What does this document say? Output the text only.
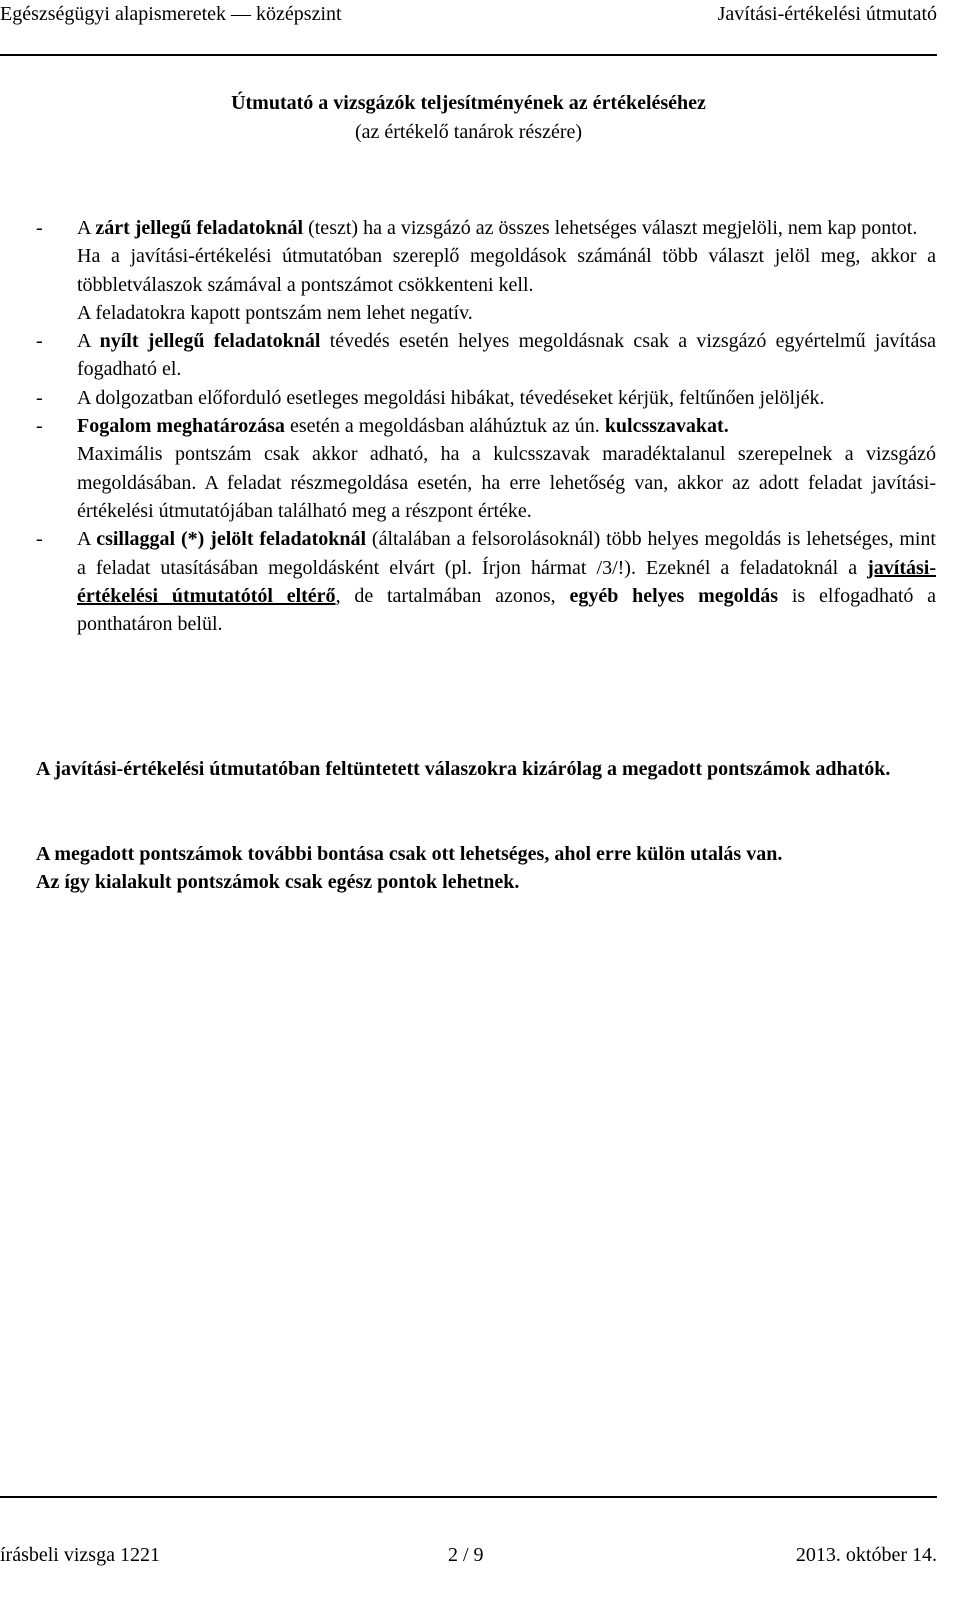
Egészségügyi alapismeretek — középszint	Javítási-értékelési útmutató
Útmutató a vizsgázók teljesítményének az értékeléséhez
(az értékelő tanárok részére)
- A zárt jellegű feladatoknál (teszt) ha a vizsgázó az összes lehetséges választ megjelöli, nem kap pontot.

Ha a javítási-értékelési útmutatóban szereplő megoldások számánál több választ jelöl meg, akkor a többletválaszok számával a pontszámot csökkenteni kell.

A feladatokra kapott pontszám nem lehet negatív.

- A nyílt jellegű feladatoknál tévedés esetén helyes megoldásnak csak a vizsgázó egyértelmű javítása fogadható el.

- A dolgozatban előforduló esetleges megoldási hibákat, tévedéseket kérjük, feltűnően jelöljék.

- Fogalom meghatározása esetén a megoldásban aláhúztuk az ún. kulcsszavakat.

Maximális pontszám csak akkor adható, ha a kulcsszavak maradéktalanul szerepelnek a vizsgázó megoldásában. A feladat részmegoldása esetén, ha erre lehetőség van, akkor az adott feladat javítási-értékelési útmutatójában található meg a részpont értéke.

- A csillaggal (*) jelölt feladatoknál (általában a felsorolásoknál) több helyes megoldás is lehetséges, mint a feladat utasításában megoldásként elvárt (pl. Írjon hármat /3/!). Ezeknél a feladatoknál a javítási-értékelési útmutatótól eltérő, de tartalmában azonos, egyéb helyes megoldás is elfogadható a ponthatáron belül.

A javítási-értékelési útmutatóban feltüntetett válaszokra kizárólag a megadott pontszámok adhatók.

A megadott pontszámok további bontása csak ott lehetséges, ahol erre külön utalás van.
Az így kialakult pontszámok csak egész pontok lehetnek.
írásbeli vizsga 1221	2 / 9	2013. október 14.
